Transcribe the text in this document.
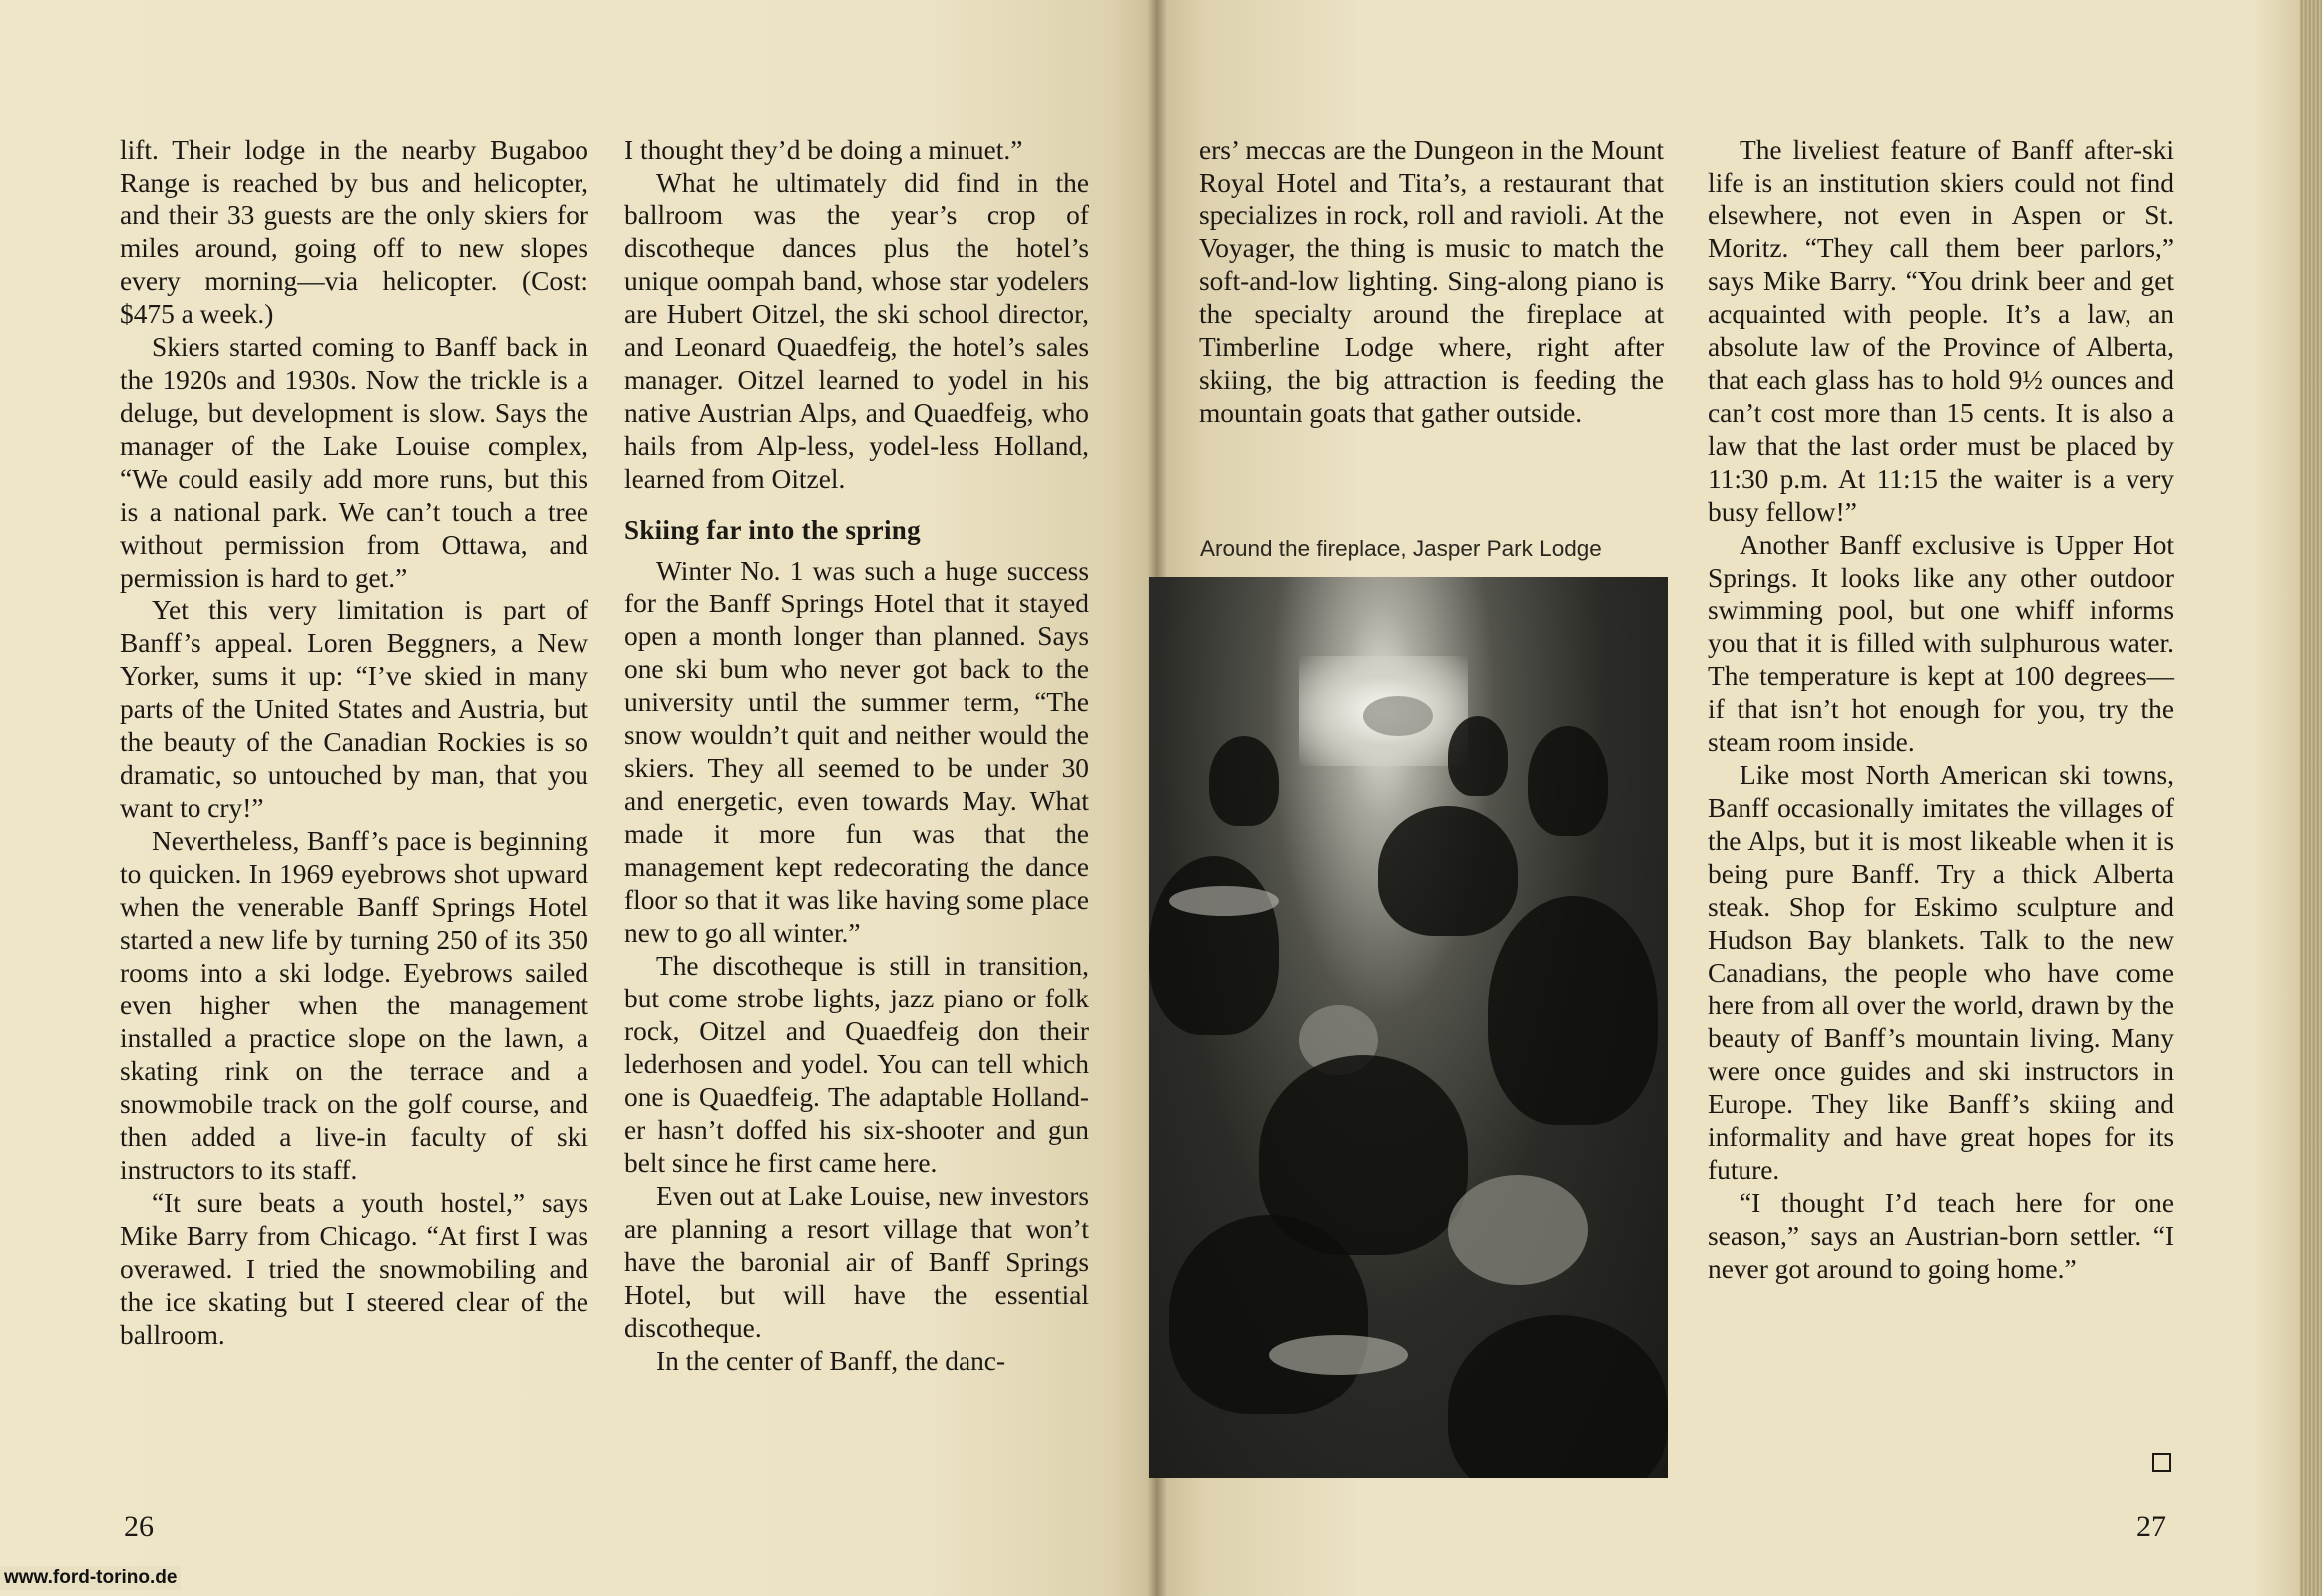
lift. Their lodge in the nearby Bugaboo Range is reached by bus and helicopter, and their 33 guests are the only skiers for miles around, going off to new slopes every morning—via helicopter. (Cost: $475 a week.)

Skiers started coming to Banff back in the 1920s and 1930s. Now the trickle is a deluge, but development is slow. Says the manager of the Lake Louise complex, “We could easily add more runs, but this is a national park. We can’t touch a tree without permission from Ottawa, and permission is hard to get.”

Yet this very limitation is part of Banff’s appeal. Loren Beggners, a New Yorker, sums it up: “I’ve skied in many parts of the United States and Austria, but the beauty of the Canadian Rockies is so dramatic, so untouched by man, that you want to cry!”

Nevertheless, Banff’s pace is beginning to quicken. In 1969 eyebrows shot upward when the venerable Banff Springs Hotel started a new life by turning 250 of its 350 rooms into a ski lodge. Eyebrows sailed even higher when the management installed a practice slope on the lawn, a skating rink on the terrace and a snowmobile track on the golf course, and then added a live-in faculty of ski instructors to its staff.

“It sure beats a youth hostel,” says Mike Barry from Chicago. “At first I was overawed. I tried the snowmobiling and the ice skating but I steered clear of the ballroom.

I thought they’d be doing a minuet.”

What he ultimately did find in the ballroom was the year’s crop of discotheque dances plus the hotel’s unique oompah band, whose star yodelers are Hubert Oitzel, the ski school director, and Leonard Quaedfeig, the hotel’s sales manager. Oitzel learned to yodel in his native Austrian Alps, and Quaedfeig, who hails from Alp-less, yodel-less Holland, learned from Oitzel.

Skiing far into the spring

Winter No. 1 was such a huge success for the Banff Springs Hotel that it stayed open a month longer than planned. Says one ski bum who never got back to the university until the summer term, “The snow wouldn’t quit and neither would the skiers. They all seemed to be under 30 and energetic, even towards May. What made it more fun was that the management kept redecorating the dance floor so that it was like having some place new to go all winter.”

The discotheque is still in transition, but come strobe lights, jazz piano or folk rock, Oitzel and Quaedfeig don their lederhosen and yodel. You can tell which one is Quaedfeig. The adaptable Hollander hasn’t doffed his six-shooter and gun belt since he first came here.

Even out at Lake Louise, new investors are planning a resort village that won’t have the baronial air of Banff Springs Hotel, but will have the essential discotheque.

In the center of Banff, the danc-

26
www.ford-torino.de

ers’ meccas are the Dungeon in the Mount Royal Hotel and Tita’s, a restaurant that specializes in rock, roll and ravioli. At the Voyager, the thing is music to match the soft-and-low lighting. Sing-along piano is the specialty around the fireplace at Timberline Lodge where, right after skiing, the big attraction is feeding the mountain goats that gather outside.

Around the fireplace, Jasper Park Lodge

The liveliest feature of Banff after-ski life is an institution skiers could not find elsewhere, not even in Aspen or St. Moritz. “They call them beer parlors,” says Mike Barry. “You drink beer and get acquainted with people. It’s a law, an absolute law of the Province of Alberta, that each glass has to hold 9½ ounces and can’t cost more than 15 cents. It is also a law that the last order must be placed by 11:30 p.m. At 11:15 the waiter is a very busy fellow!”

Another Banff exclusive is Upper Hot Springs. It looks like any other outdoor swimming pool, but one whiff informs you that it is filled with sulphurous water. The temperature is kept at 100 degrees—if that isn’t hot enough for you, try the steam room inside.

Like most North American ski towns, Banff occasionally imitates the villages of the Alps, but it is most likeable when it is being pure Banff. Try a thick Alberta steak. Shop for Eskimo sculpture and Hudson Bay blankets. Talk to the new Canadians, the people who have come here from all over the world, drawn by the beauty of Banff’s mountain living. Many were once guides and ski instructors in Europe. They like Banff’s skiing and informality and have great hopes for its future.

“I thought I’d teach here for one season,” says an Austrian-born settler. “I never got around to going home.”

27
